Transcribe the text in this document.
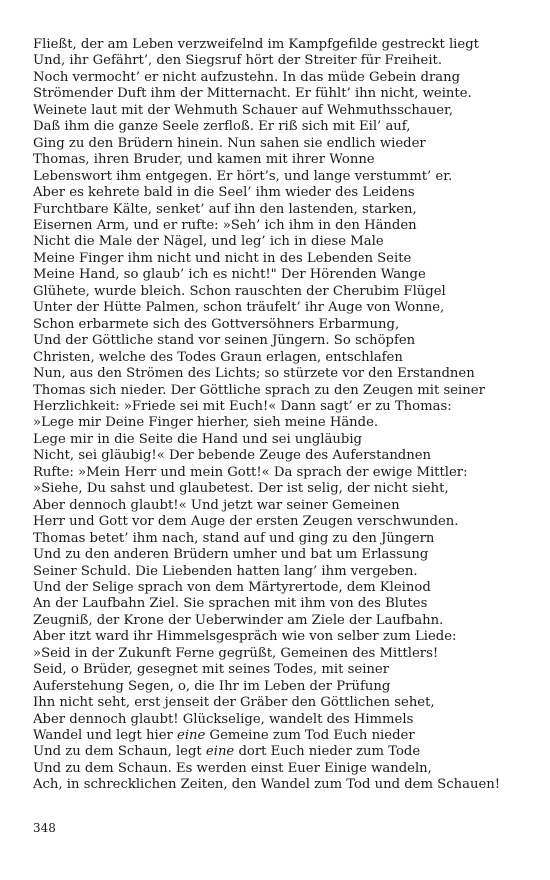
Fließt, der am Leben verzweifelnd im Kampfgefilde gestreckt liegt
Und, ihr Gefährt’, den Siegsruf hört der Streiter für Freiheit.
Noch vermocht’ er nicht aufzustehn. In das müde Gebein drang
Strömender Duft ihm der Mitternacht. Er fühlt’ ihn nicht, weinte.
Weinete laut mit der Wehmuth Schauer auf Wehmuthsschauer,
Daß ihm die ganze Seele zerfloß. Er riß sich mit Eil’ auf,
Ging zu den Brüdern hinein. Nun sahen sie endlich wieder
Thomas, ihren Bruder, und kamen mit ihrer Wonne
Lebenswort ihm entgegen. Er hört’s, und lange verstummt’ er.
Aber es kehrete bald in die Seel’ ihm wieder des Leidens
Furchtbare Kälte, senket’ auf ihn den lastenden, starken,
Eisernen Arm, und er rufte: »Seh’ ich ihm in den Händen
Nicht die Male der Nägel, und leg’ ich in diese Male
Meine Finger ihm nicht und nicht in des Lebenden Seite
Meine Hand, so glaub’ ich es nicht!" Der Hörenden Wange
Glühete, wurde bleich. Schon rauschten der Cherubim Flügel
Unter der Hütte Palmen, schon träufelt’ ihr Auge von Wonne,
Schon erbarmete sich des Gottversöhners Erbarmung,
Und der Göttliche stand vor seinen Jüngern. So schöpfen
Christen, welche des Todes Graun erlagen, entschlafen
Nun, aus den Strömen des Lichts; so stürzete vor den Erstandnen
Thomas sich nieder. Der Göttliche sprach zu den Zeugen mit seiner
Herzlichkeit: »Friede sei mit Euch!« Dann sagt’ er zu Thomas:
»Lege mir Deine Finger hierher, sieh meine Hände.
Lege mir in die Seite die Hand und sei ungläubig
Nicht, sei gläubig!« Der bebende Zeuge des Auferstandnen
Rufte: »Mein Herr und mein Gott!« Da sprach der ewige Mittler:
»Siehe, Du sahst und glaubetest. Der ist selig, der nicht sieht,
Aber dennoch glaubt!« Und jetzt war seiner Gemeinen
Herr und Gott vor dem Auge der ersten Zeugen verschwunden.
Thomas betet’ ihm nach, stand auf und ging zu den Jüngern
Und zu den anderen Brüdern umher und bat um Erlassung
Seiner Schuld. Die Liebenden hatten lang’ ihm vergeben.
Und der Selige sprach von dem Märtyrertode, dem Kleinod
An der Laufbahn Ziel. Sie sprachen mit ihm von des Blutes
Zeugniß, der Krone der Ueberwinder am Ziele der Laufbahn.
Aber itzt ward ihr Himmelsgespräch wie von selber zum Liede:
»Seid in der Zukunft Ferne gegrüßt, Gemeinen des Mittlers!
Seid, o Brüder, gesegnet mit seines Todes, mit seiner
Auferstehung Segen, o, die Ihr im Leben der Prüfung
Ihn nicht seht, erst jenseit der Gräber den Göttlichen sehet,
Aber dennoch glaubt! Glückselige, wandelt des Himmels
Wandel und legt hier eine Gemeine zum Tod Euch nieder
Und zu dem Schaun, legt eine dort Euch nieder zum Tode
Und zu dem Schaun. Es werden einst Euer Einige wandeln,
Ach, in schrecklichen Zeiten, den Wandel zum Tod und dem Schauen!
348
